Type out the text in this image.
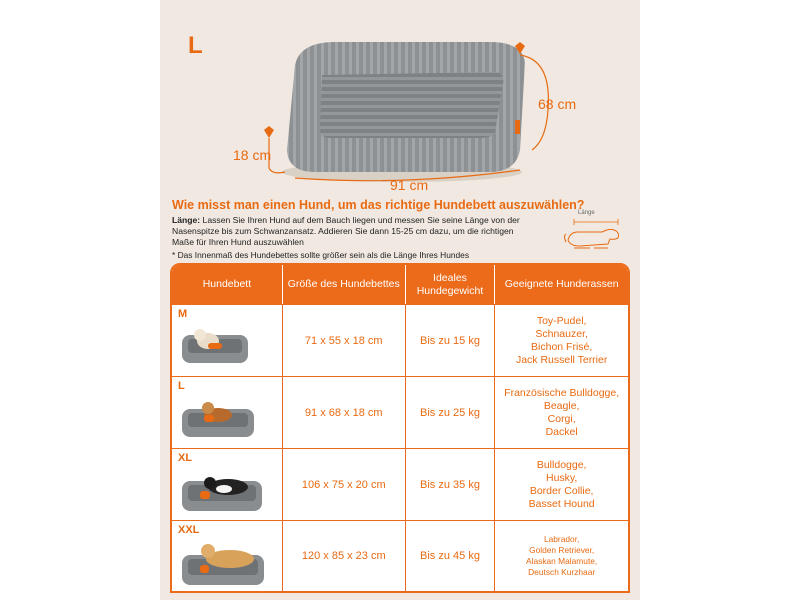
L
68 cm
18 cm
91 cm
Wie misst man einen Hund, um das richtige Hundebett auszuwählen?
Länge: Lassen Sie Ihren Hund auf dem Bauch liegen und messen Sie seine Länge von der Nasenspitze bis zum Schwanzansatz. Addieren Sie dann 15-25 cm dazu, um die richtigen Maße für Ihren Hund auszuwählen
* Das Innenmaß des Hundebettes sollte größer sein als die Länge Ihres Hundes
Länge
Hundebett	Größe des Hundebettes	Ideales Hundegewicht	Geeignete Hunderassen

M	71 x 55 x 18 cm	Bis zu 15 kg	Toy-Pudel,
Schnauzer,
Bichon Frisé,
Jack Russell Terrier

L	91 x 68 x 18 cm	Bis zu 25 kg	Französische Bulldogge,
Beagle,
Corgi,
Dackel

XL	106 x 75 x 20 cm	Bis zu 35 kg	Bulldogge,
Husky,
Border Collie,
Basset Hound

XXL	120 x 85 x 23 cm	Bis zu 45 kg	Labrador,
Golden Retriever,
Alaskan Malamute,
Deutsch Kurzhaar
